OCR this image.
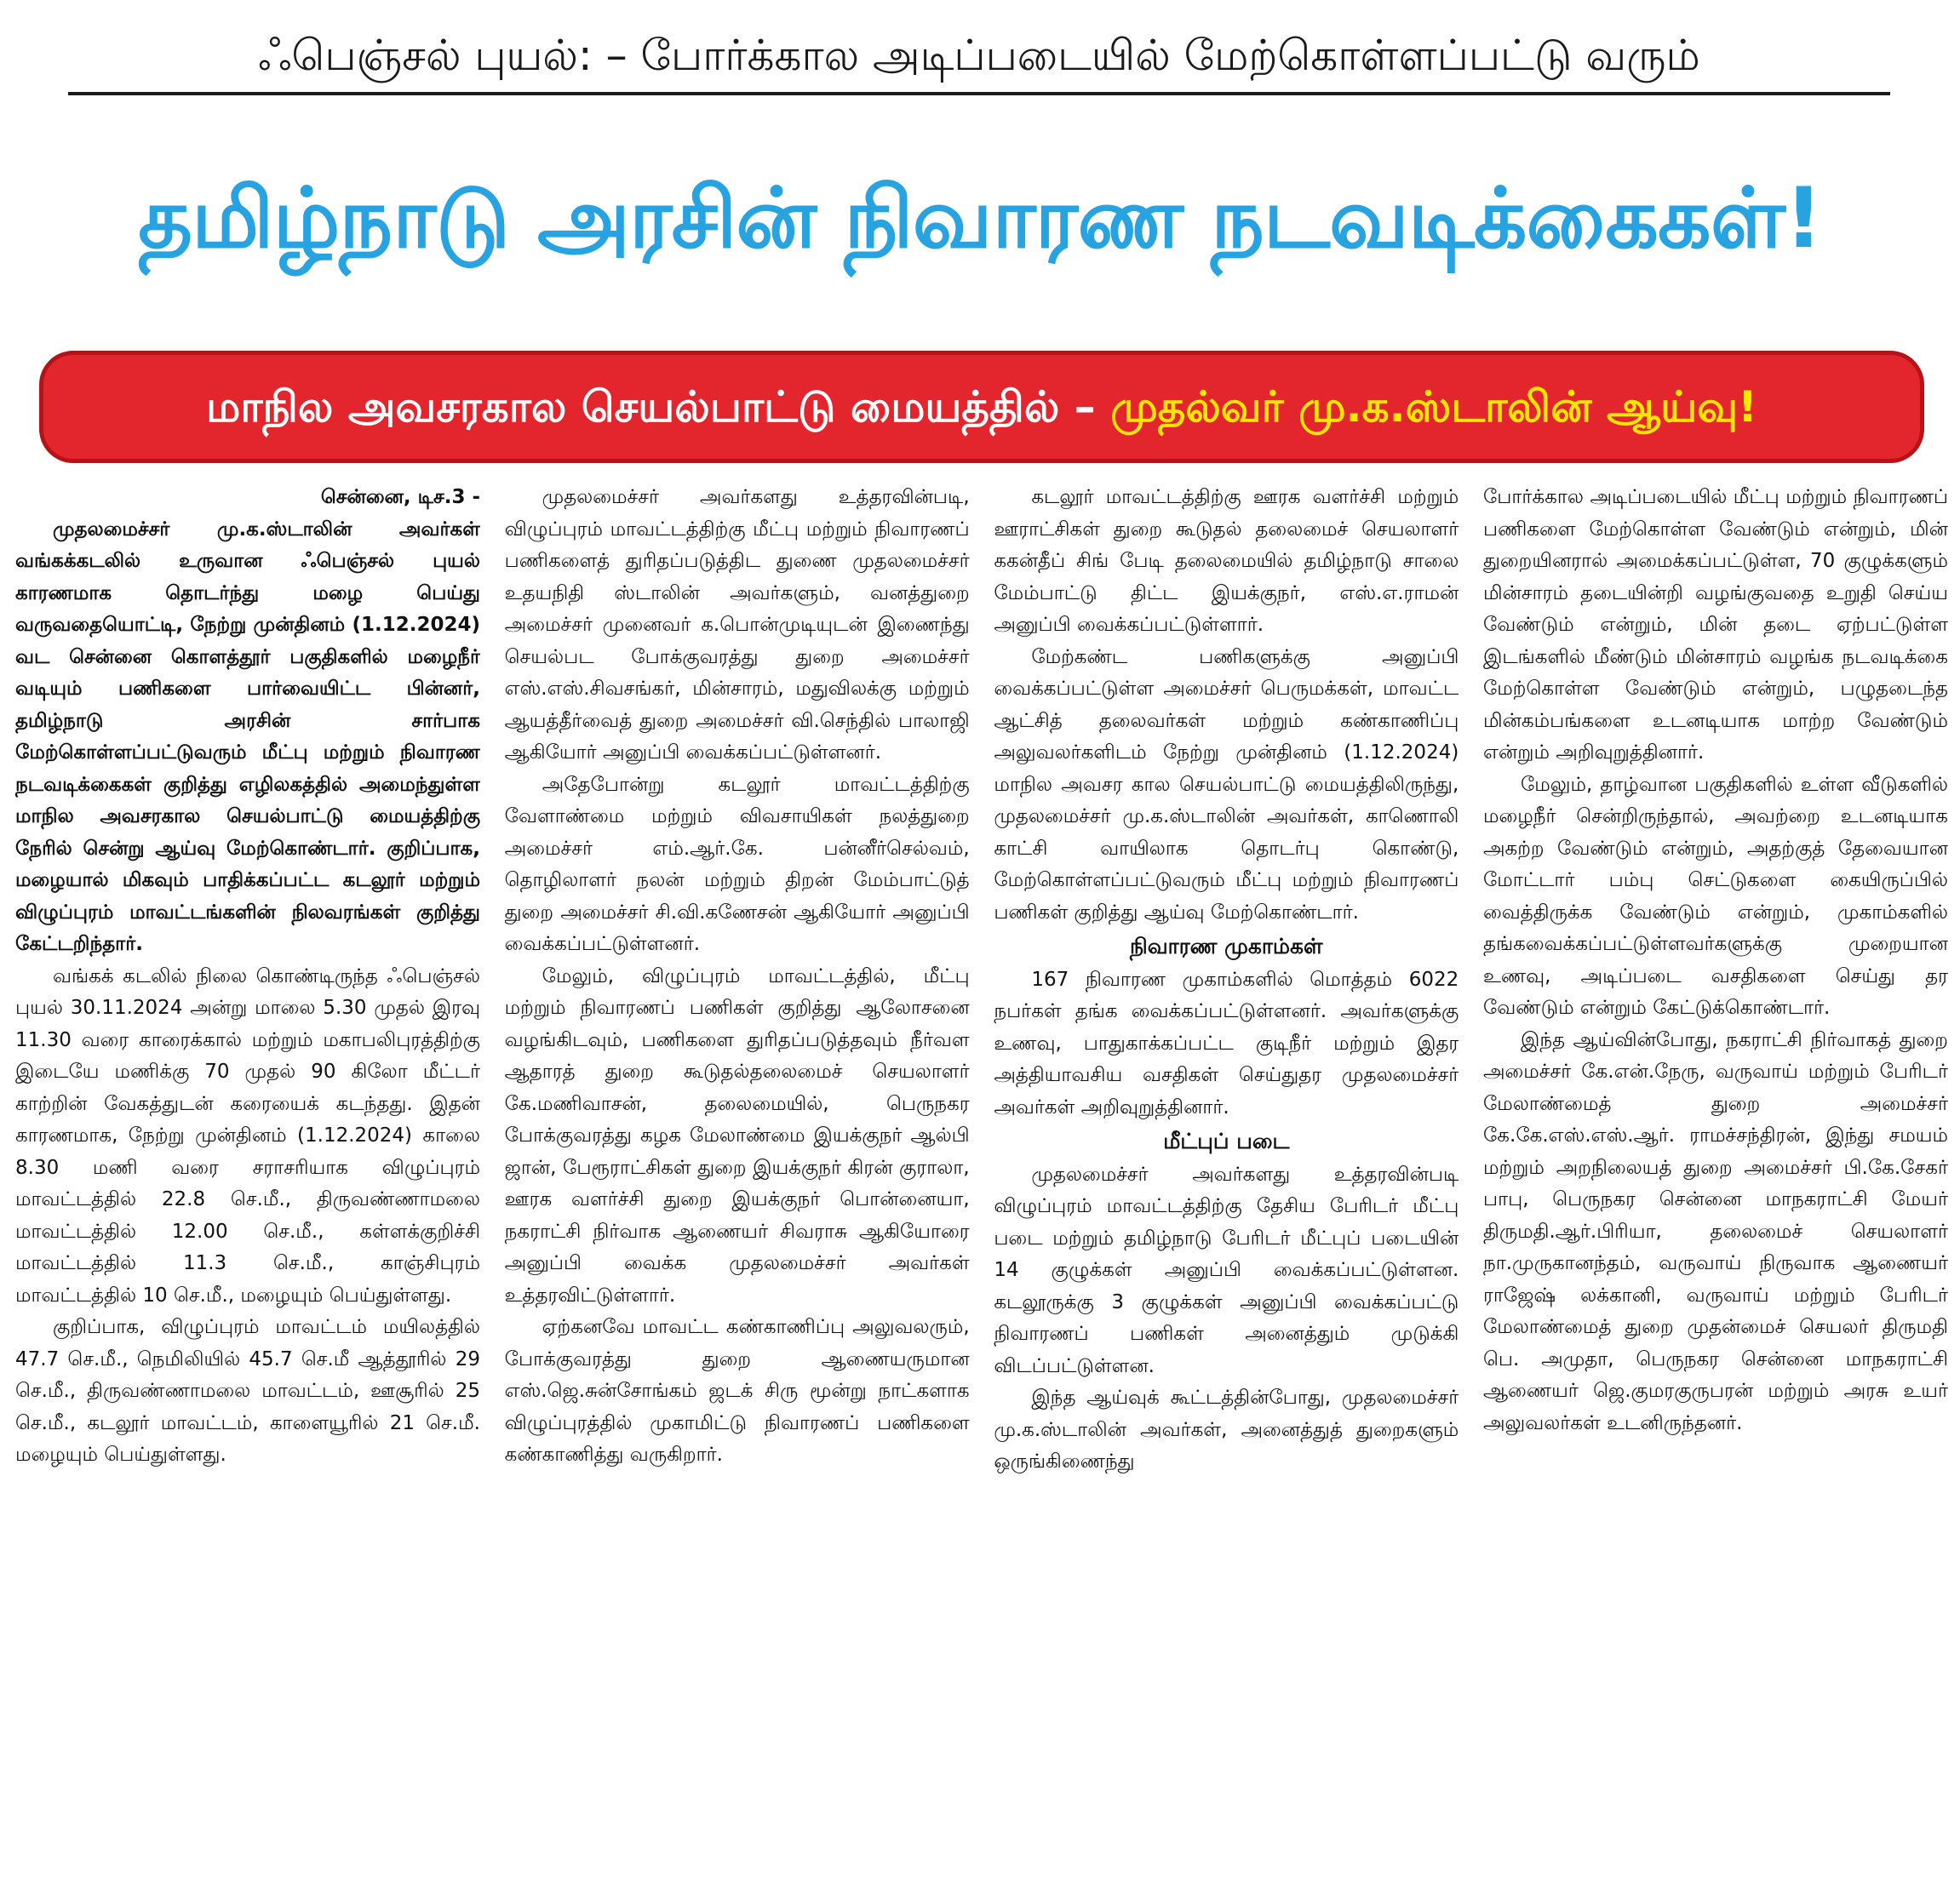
ஃபெஞ்சல் புயல்: – போர்க்கால அடிப்படையில் மேற்கொள்ளப்பட்டு வரும்
தமிழ்நாடு அரசின் நிவாரண நடவடிக்கைகள்!
மாநில அவசரகால செயல்பாட்டு மையத்தில் – முதல்வர் மு.க.ஸ்டாலின் ஆய்வு!

சென்னை, டிச.3 -

முதலமைச்சர் மு.க.ஸ்டாலின் அவர்கள் வங்கக்கடலில் உருவான ஃபெஞ்சல் புயல் காரணமாக தொடர்ந்து மழை பெய்து வருவதையொட்டி, நேற்று முன்தினம் (1.12.2024) வட சென்னை கொளத்தூர் பகுதிகளில் மழைநீர் வடியும் பணிகளை பார்வையிட்ட பின்னர், தமிழ்நாடு அரசின் சார்பாக மேற்கொள்ளப்பட்டுவரும் மீட்பு மற்றும் நிவாரண நடவடிக்கைகள் குறித்து எழிலகத்தில் அமைந்துள்ள மாநில அவசரகால செயல்பாட்டு மையத்திற்கு நேரில் சென்று ஆய்வு மேற்கொண்டார். குறிப்பாக, மழையால் மிகவும் பாதிக்கப்பட்ட கடலூர் மற்றும் விழுப்புரம் மாவட்டங்களின் நிலவரங்கள் குறித்து கேட்டறிந்தார்.

வங்கக் கடலில் நிலை கொண்டிருந்த ஃபெஞ்சல் புயல் 30.11.2024 அன்று மாலை 5.30 முதல் இரவு 11.30 வரை காரைக்கால் மற்றும் மகாபலிபுரத்திற்கு இடையே மணிக்கு 70 முதல் 90 கிலோ மீட்டர் காற்றின் வேகத்துடன் கரையைக் கடந்தது. இதன் காரணமாக, நேற்று முன்தினம் (1.12.2024) காலை 8.30 மணி வரை சராசரியாக விழுப்புரம் மாவட்டத்தில் 22.8 செ.மீ., திருவண்ணாமலை மாவட்டத்தில் 12.00 செ.மீ., கள்ளக்குறிச்சி மாவட்டத்தில் 11.3 செ.மீ., காஞ்சிபுரம் மாவட்டத்தில் 10 செ.மீ., மழையும் பெய்துள்ளது.

குறிப்பாக, விழுப்புரம் மாவட்டம் மயிலத்தில் 47.7 செ.மீ., நெமிலியில் 45.7 செ.மீ ஆத்தூரில் 29 செ.மீ., திருவண்ணாமலை மாவட்டம், ஊசூரில் 25 செ.மீ., கடலூர் மாவட்டம், காளையூரில் 21 செ.மீ. மழையும் பெய்துள்ளது.

முதலமைச்சர் அவர்களது உத்தரவின்படி, விழுப்புரம் மாவட்டத்திற்கு மீட்பு மற்றும் நிவாரணப் பணிகளைத் துரிதப்படுத்திட துணை முதலமைச்சர் உதயநிதி ஸ்டாலின் அவர்களும், வனத்துறை அமைச்சர் முனைவர் க.பொன்முடியுடன் இணைந்து செயல்பட போக்குவரத்து துறை அமைச்சர் எஸ்.எஸ்.சிவசங்கர், மின்சாரம், மதுவிலக்கு மற்றும் ஆயத்தீர்வைத் துறை அமைச்சர் வி.செந்தில் பாலாஜி ஆகியோர் அனுப்பி வைக்கப்பட்டுள்ளனர்.

அதேபோன்று கடலூர் மாவட்டத்திற்கு வேளாண்மை மற்றும் விவசாயிகள் நலத்துறை அமைச்சர் எம்.ஆர்.கே. பன்னீர்செல்வம், தொழிலாளர் நலன் மற்றும் திறன் மேம்பாட்டுத் துறை அமைச்சர் சி.வி.கணேசன் ஆகியோர் அனுப்பி வைக்கப்பட்டுள்ளனர்.

மேலும், விழுப்புரம் மாவட்டத்தில், மீட்பு மற்றும் நிவாரணப் பணிகள் குறித்து ஆலோசனை வழங்கிடவும், பணிகளை துரிதப்படுத்தவும் நீர்வள ஆதாரத் துறை கூடுதல்தலைமைச் செயலாளர் கே.மணிவாசன், தலைமையில், பெருநகர போக்குவரத்து கழக மேலாண்மை இயக்குநர் ஆல்பி ஜான், பேரூராட்சிகள் துறை இயக்குநர் கிரன் குராலா, ஊரக வளர்ச்சி துறை இயக்குநர் பொன்னையா, நகராட்சி நிர்வாக ஆணையர் சிவராசு ஆகியோரை அனுப்பி வைக்க முதலமைச்சர் அவர்கள் உத்தரவிட்டுள்ளார்.

ஏற்கனவே மாவட்ட கண்காணிப்பு அலுவலரும், போக்குவரத்து துறை ஆணையருமான எஸ்.ஜெ.சுன்சோங்கம் ஜடக் சிரு மூன்று நாட்களாக விழுப்புரத்தில் முகாமிட்டு நிவாரணப் பணிகளை கண்காணித்து வருகிறார்.

கடலூர் மாவட்டத்திற்கு ஊரக வளர்ச்சி மற்றும் ஊராட்சிகள் துறை கூடுதல் தலைமைச் செயலாளர் ககன்தீப் சிங் பேடி தலைமையில் தமிழ்நாடு சாலை மேம்பாட்டு திட்ட இயக்குநர், எஸ்.எ.ராமன் அனுப்பி வைக்கப்பட்டுள்ளார்.

மேற்கண்ட பணிகளுக்கு அனுப்பி வைக்கப்பட்டுள்ள அமைச்சர் பெருமக்கள், மாவட்ட ஆட்சித் தலைவர்கள் மற்றும் கண்காணிப்பு அலுவலர்களிடம் நேற்று முன்தினம் (1.12.2024) மாநில அவசர கால செயல்பாட்டு மையத்திலிருந்து, முதலமைச்சர் மு.க.ஸ்டாலின் அவர்கள், காணொலி காட்சி வாயிலாக தொடர்பு கொண்டு, மேற்கொள்ளப்பட்டுவரும் மீட்பு மற்றும் நிவாரணப் பணிகள் குறித்து ஆய்வு மேற்கொண்டார்.

நிவாரண முகாம்கள்

167 நிவாரண முகாம்களில் மொத்தம் 6022 நபர்கள் தங்க வைக்கப்பட்டுள்ளனர். அவர்களுக்கு உணவு, பாதுகாக்கப்பட்ட குடிநீர் மற்றும் இதர அத்தியாவசிய வசதிகள் செய்துதர முதலமைச்சர் அவர்கள் அறிவுறுத்தினார்.

மீட்புப் படை

முதலமைச்சர் அவர்களது உத்தரவின்படி விழுப்புரம் மாவட்டத்திற்கு தேசிய பேரிடர் மீட்பு படை மற்றும் தமிழ்நாடு பேரிடர் மீட்புப் படையின் 14 குழுக்கள் அனுப்பி வைக்கப்பட்டுள்ளன. கடலூருக்கு 3 குழுக்கள் அனுப்பி வைக்கப்பட்டு நிவாரணப் பணிகள் அனைத்தும் முடுக்கி விடப்பட்டுள்ளன.

இந்த ஆய்வுக் கூட்டத்தின்போது, முதலமைச்சர் மு.க.ஸ்டாலின் அவர்கள், அனைத்துத் துறைகளும் ஒருங்கிணைந்து

போர்க்கால அடிப்படையில் மீட்பு மற்றும் நிவாரணப் பணிகளை மேற்கொள்ள வேண்டும் என்றும், மின் துறையினரால் அமைக்கப்பட்டுள்ள, 70 குழுக்களும் மின்சாரம் தடையின்றி வழங்குவதை உறுதி செய்ய வேண்டும் என்றும், மின் தடை ஏற்பட்டுள்ள இடங்களில் மீண்டும் மின்சாரம் வழங்க நடவடிக்கை மேற்கொள்ள வேண்டும் என்றும், பழுதடைந்த மின்கம்பங்களை உடனடியாக மாற்ற வேண்டும் என்றும் அறிவுறுத்தினார்.

மேலும், தாழ்வான பகுதிகளில் உள்ள வீடுகளில் மழைநீர் சென்றிருந்தால், அவற்றை உடனடியாக அகற்ற வேண்டும் என்றும், அதற்குத் தேவையான மோட்டார் பம்பு செட்டுகளை கையிருப்பில் வைத்திருக்க வேண்டும் என்றும், முகாம்களில் தங்கவைக்கப்பட்டுள்ளவர்களுக்கு முறையான உணவு, அடிப்படை வசதிகளை செய்து தர வேண்டும் என்றும் கேட்டுக்கொண்டார்.

இந்த ஆய்வின்போது, நகராட்சி நிர்வாகத் துறை அமைச்சர் கே.என்.நேரு, வருவாய் மற்றும் பேரிடர் மேலாண்மைத் துறை அமைச்சர் கே.கே.எஸ்.எஸ்.ஆர். ராமச்சந்திரன், இந்து சமயம் மற்றும் அறநிலையத் துறை அமைச்சர் பி.கே.சேகர் பாபு, பெருநகர சென்னை மாநகராட்சி மேயர் திருமதி.ஆர்.பிரியா, தலைமைச் செயலாளர் நா.முருகானந்தம், வருவாய் நிருவாக ஆணையர் ராஜேஷ் லக்கானி, வருவாய் மற்றும் பேரிடர் மேலாண்மைத் துறை முதன்மைச் செயலர் திருமதி பெ. அமுதா, பெருநகர சென்னை மாநகராட்சி ஆணையர் ஜெ.குமரகுருபரன் மற்றும் அரசு உயர் அலுவலர்கள் உடனிருந்தனர்.
